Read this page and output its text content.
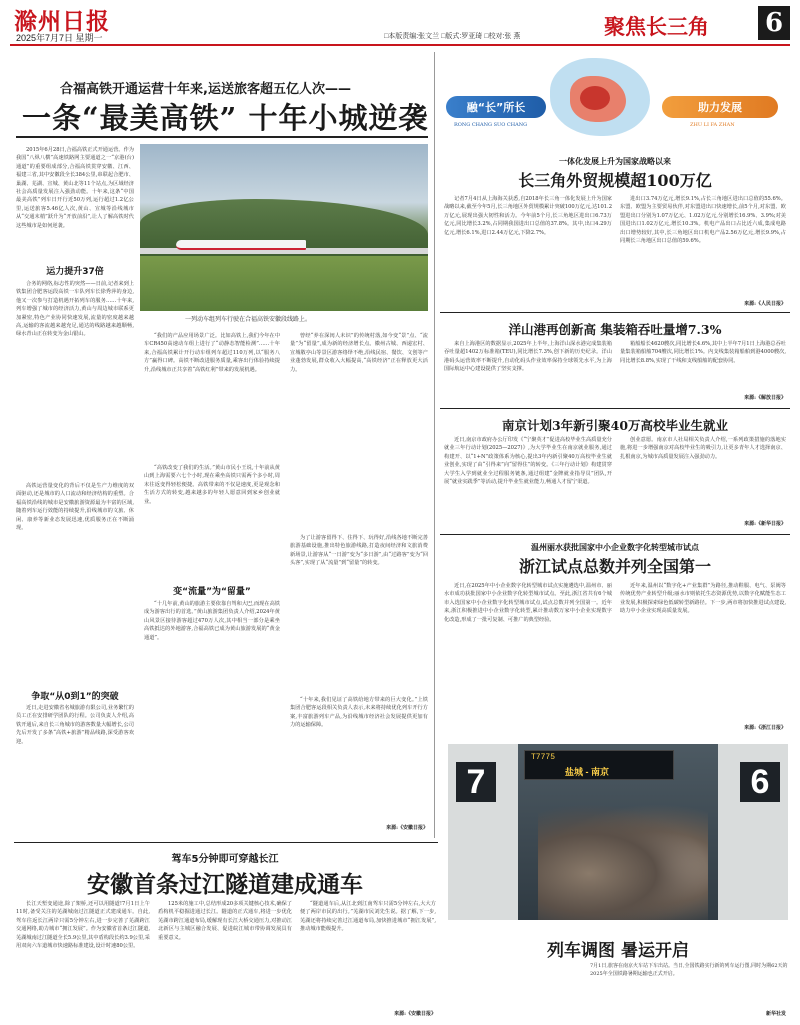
滁州日报
2025年7月7日 星期一	□本版责编:张文兰 □版式:罗亚琦 □校对:张 燕	聚焦长三角 6
合福高铁开通运营十年来,运送旅客超五亿人次——
一条“最美高铁” 十年小城逆袭
一列动车组列车行驶在合福高铁安徽段线路上。
2015年6月28日,合福高铁正式开通运营。作为我国“八纵八横”高速铁路网主要通道之一“京港(台)通道”的重要组成部分,合福高铁贯穿安徽、江西、福建三省,其中安徽段全长384公里,串联起合肥市、巢湖、芜湖、宣城、黄山北等11个站点,为区域经济社会高质量发展注入强劲动能。十年来,这条“中国最美高铁”列车日开行近50万列,运行超过1.2亿公里,运送旅客5.46亿人次,黄山、宣城等沿线城市从“交通末梢”跃升为“开放前沿”,让人了解高铁时代这些城市是如何逆袭。
运力提升37倍
合务的网络,标志性的突然——日前,记者来到上铁集团合肥客运段高铁一车队列车长徐秀萍的身边,他又一次参与打造机遇开拓列车的服务……十年来,列车增强了城市的经济活力,黄山与周边城市联系更加紧密,特色产业协同快速发展,流量的密度越来越高,运输的客流越来越充足,通达的线路越来越顺畅,绿水青山正在转变为金山银山。
高铁运营量变化的背后不仅是生产力维度的双面驱动,还是城市的人口流动和经济结构的重塑。合福高铁沿线的城市是安徽旅游资源最为丰富的区域,随着列车运行效能的持续提升,沿线城市的文旅、休闲、康养等新业态发展迅速,优质服务正在不断涌现。
争取“从0到1”的突破
近日,走进安徽省名城旅游有限公司,业务繁忙的员工正在安排研学团队的行程。公司负责人介绍,高铁开通后,来自长三角城市的游客数量大幅增长,公司先后开发了多条“高铁+旅游”精品线路,深受游客欢迎。
“我们的产品应用场景广泛。比如高铁上,我们今年在中车CR450高速动车组上进行了“动静态智能检测”……十年来,合福高铁累计开行动车组列车超过110万列,以“服务八方”赢得口碑。高铁不断改进服务质量,乘客出行体验持续提升,沿线城市正共享着“高铁红利”带来的发展机遇。
“高铁改变了我们的生活。”黄山市民小王说,十年前从黄山到上海需要六七个小时,现在乘坐高铁只需两个多小时,周末往返变得轻松便捷。高铁带来的不仅是速度,更是观念和生活方式的转变,越来越多的年轻人愿意回到家乡创业就业。
变“流量”为“留量”
“十几年前,黄山的旅游主要依靠自驾和大巴,而现在高铁成为游客出行的首选。”黄山旅游集团负责人介绍,2024年黄山风景区接待游客超过470万人次,其中相当一部分是乘坐高铁抵达的外地游客,合福高铁已成为黄山旅游发展的“黄金通道”。
曾经“养在深闺人未识”的传统村落,如今变“景”点、“流量”为“留量”,成为新的经济增长点。徽州古城、西递宏村、宣城敬亭山等景区游客络绎不绝,沿线民宿、餐饮、文创等产业蓬勃发展,群众收入大幅提高,“高铁经济”正在释放更大活力。
为了让游客留得下、住得下、玩得好,沿线各地不断完善旅游基础设施,推出特色旅游线路,打造夜间经济和文旅消费新场景,让游客从“一日游”变为“多日游”,由“过路客”变为“回头客”,实现了从“流量”到“留量”的转变。
“十年来,我们见证了高铁给地方带来的巨大变化。”上铁集团合肥客运段相关负责人表示,未来将持续优化列车开行方案,丰富旅游列车产品,为沿线城市经济社会发展提供更加有力的运输保障。
来源:《安徽日报》
融“长”所长
RONG CHANG SUO CHANG
助力发展
ZHU LI FA ZHAN
一体化发展上升为国家战略以来
长三角外贸规模超100万亿
记者7月4日从上海海关获悉,自2018年长三角一体化发展上升为国家战略以来,截至今年5月,长三角地区外贸规模累计突破100万亿元,达101.2万亿元,展现出强大韧性和活力。今年前5个月,长三角地区进出口6.73万亿元,同比增长3.2%,占同期我国进出口总值的37.8%。其中,出口4.29万亿元,增长6.1%,进口2.44万亿元,下降2.7%。
进出口3.74万亿元,增长9.1%,占长三角地区进出口总值的55.6%。东盟、欧盟为主要贸易伙伴,对东盟进出口快速增长,前5个月,对东盟、欧盟进出口分别为1.07万亿元、1.02万亿元,分别增长16.9%、3.9%;对美国进出口1.02万亿元,增长10.3%。机电产品出口占比近六成,集成电路出口增势较好,其中,长三角地区出口机电产品2.56万亿元,增长9.9%,占同期长三角地区出口总值的59.6%。
来源:《人民日报》
洋山港再创新高 集装箱吞吐量增7.3%
来自上海港区的数据显示,2025年上半年,上海洋山深水港完成集装箱吞吐量超1402万标准箱(TEU),同比增长7.3%,创下新的历史纪录。洋山港码头运营效率不断提升,自动化码头作业效率保持全球领先水平,为上海国际航运中心建设提供了坚实支撑。
箱船船长4620艘次,同比增长4.6%,其中上半年7月1日上海港总吞吐量集装箱船舶704艘次,同比增长1%。内支线集装箱船舶到港4000艘次,同比增长8.8%,实现了干线和支线船舶的配套协同。
来源:《解放日报》
南京计划3年新引聚40万高校毕业生就业
近日,南京市政府办公厅印发《“宁聚英才”促进高校毕业生高质量充分就业三年行动计划(2025—2027)》,为大学毕业生在南京就业服务,通过构建开、以“1+N”政策体系为核心,提出3年内新引聚40万高校毕业生就业创业,实现了由“引得来”向“留得住”的转变。《三年行动计划》构建贯穿大学生入学到就业全过程服务链条,通过组建“金牌就业指导员”团队,开展“就业实践季”等活动,提升毕业生就业能力,畅通人才留宁渠道。
创业意愿。南京市人社局相关负责人介绍,一系列政策措施的落地实施,将进一步增强南京对高校毕业生的吸引力,让更多青年人才选择南京、扎根南京,为城市高质量发展注入强劲动力。
来源:《新华日报》
温州丽水获批国家中小企业数字化转型城市试点
浙江试点总数并列全国第一
近日,在2025年中小企业数字化转型城市试点实施遴选中,温州市、丽水市成功获批国家中小企业数字化转型城市试点。至此,浙江省共有6个城市入选国家中小企业数字化转型城市试点,试点总数并列全国第一。近年来,浙江积极推进中小企业数字化转型,累计推动数万家中小企业实现数字化改造,形成了一批可复制、可推广的典型经验。
近年来,温州以“数字化+产业集群”为路径,推动鞋服、电气、泵阀等传统优势产业转型升级;丽水市则依托生态资源优势,以数字化赋能生态工业发展,积极探索绿色低碳转型新路径。下一步,两市将加快推进试点建设,助力中小企业实现高质量发展。
来源:《浙江日报》
7	6
T7775
盐城 - 南京
列车调图 暑运开启
7月1日,旅客在南京火车站下车出站。当日,全国铁路实行新的列车运行图,同时为期62天的2025年全国铁路暑期运输也正式开启。
新华社发
驾车5分钟即可穿越长江
安徽首条过江隧道建成通车
长江天堑变通途,除了架桥,还可以用隧道!7月1日上午11时,备受关注的芜湖城南过江隧道正式建成通车。自此,驾车往返长江两岸只需5分钟左右,进一步完善了芜湖跨江交通网络,助力城市“拥江发展”。作为安徽省首条过江隧道,芜湖城南过江隧道全长5.9公里,其中盾构段长约3.9公里,采用双向六车道城市快速路标准建设,设计时速80公里。
125米的施工中,总结形成20多项关键核心技术,确保了盾构机平稳掘进通过长江。隧道的正式通车,将进一步优化芜湖市跨江通道布局,缓解现有长江大桥交通压力,对推动江北新区与主城区融合发展、促进皖江城市带协调发展具有重要意义。
“隧道通车后,从江北到江南驾车只需5分钟左右,大大方便了两岸市民的出行。”芜湖市民刘先生说。据了解,下一步,芜湖还将持续完善过江通道布局,加快推进城市“拥江发展”,推动城市能级提升。
来源:《安徽日报》
